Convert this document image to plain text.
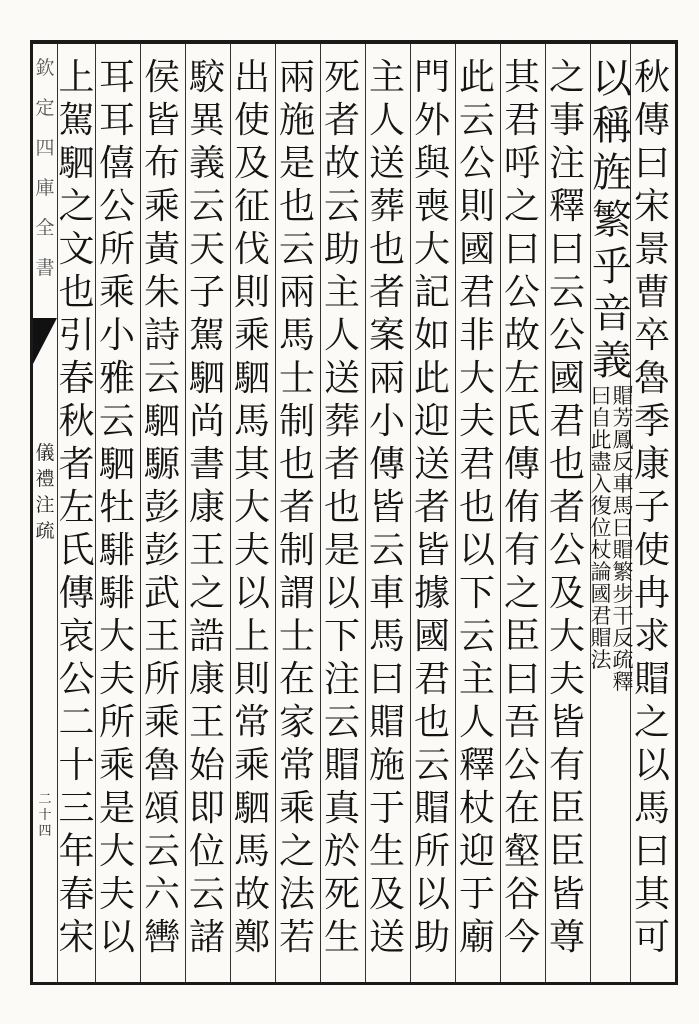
欽
定
四
庫
全
書
儀
禮
注
疏
二
十
四
秋
傳
曰
宋
景
曹
卒
魯
季
康
子
使
冉
求
賵
之
以
馬
曰
其
可
以
稱
旌
繁
乎
音
義
賵
芳
鳳
反
車
馬
曰
賵
繁
步
干
反
疏
釋
曰
自
此
盡
入
復
位
杖
論
國
君
賵
法
之
事
注
釋
曰
云
公
國
君
也
者
公
及
大
夫
皆
有
臣
臣
皆
尊
其
君
呼
之
曰
公
故
左
氏
傳
侑
有
之
臣
曰
吾
公
在
壑
谷
今
此
云
公
則
國
君
非
大
夫
君
也
以
下
云
主
人
釋
杖
迎
于
廟
門
外
與
喪
大
記
如
此
迎
送
者
皆
據
國
君
也
云
賵
所
以
助
主
人
送
葬
也
者
案
兩
小
傳
皆
云
車
馬
曰
賵
施
于
生
及
送
死
者
故
云
助
主
人
送
葬
者
也
是
以
下
注
云
賵
真
於
死
生
兩
施
是
也
云
兩
馬
士
制
也
者
制
謂
士
在
家
常
乘
之
法
若
出
使
及
征
伐
則
乘
駟
馬
其
大
夫
以
上
則
常
乘
駟
馬
故
鄭
駮
異
義
云
天
子
駕
駟
尚
書
康
王
之
誥
康
王
始
即
位
云
諸
侯
皆
布
乘
黃
朱
詩
云
駟
騵
彭
彭
武
王
所
乘
魯
頌
云
六
轡
耳
耳
僖
公
所
乘
小
雅
云
駟
牡
騑
騑
大
夫
所
乘
是
大
夫
以
上
駕
駟
之
文
也
引
春
秋
者
左
氏
傳
哀
公
二
十
三
年
春
宋
